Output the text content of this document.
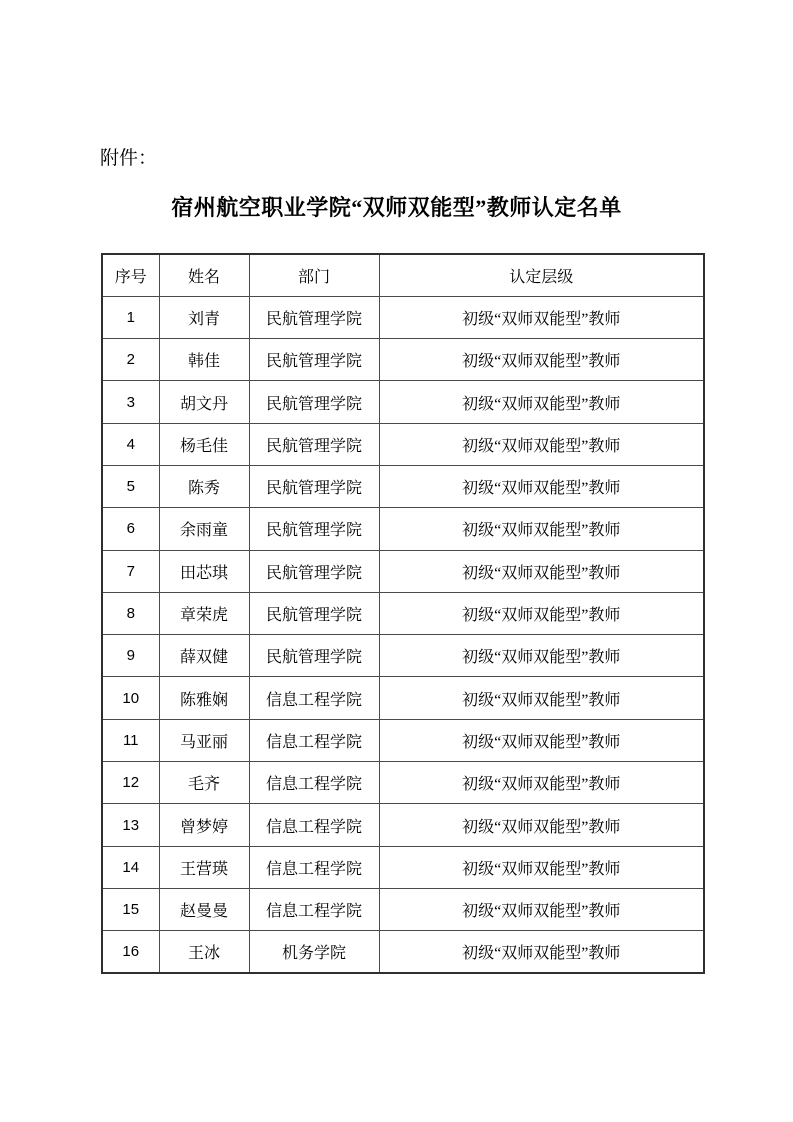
附件：
宿州航空职业学院“双师双能型”教师认定名单
序号	姓名	部门	认定层级
1	刘青	民航管理学院	初级“双师双能型”教师
2	韩佳	民航管理学院	初级“双师双能型”教师
3	胡文丹	民航管理学院	初级“双师双能型”教师
4	杨毛佳	民航管理学院	初级“双师双能型”教师
5	陈秀	民航管理学院	初级“双师双能型”教师
6	余雨童	民航管理学院	初级“双师双能型”教师
7	田芯琪	民航管理学院	初级“双师双能型”教师
8	章荣虎	民航管理学院	初级“双师双能型”教师
9	薛双健	民航管理学院	初级“双师双能型”教师
10	陈雅娴	信息工程学院	初级“双师双能型”教师
11	马亚丽	信息工程学院	初级“双师双能型”教师
12	毛齐	信息工程学院	初级“双师双能型”教师
13	曾梦婷	信息工程学院	初级“双师双能型”教师
14	王营瑛	信息工程学院	初级“双师双能型”教师
15	赵曼曼	信息工程学院	初级“双师双能型”教师
16	王冰	机务学院	初级“双师双能型”教师
